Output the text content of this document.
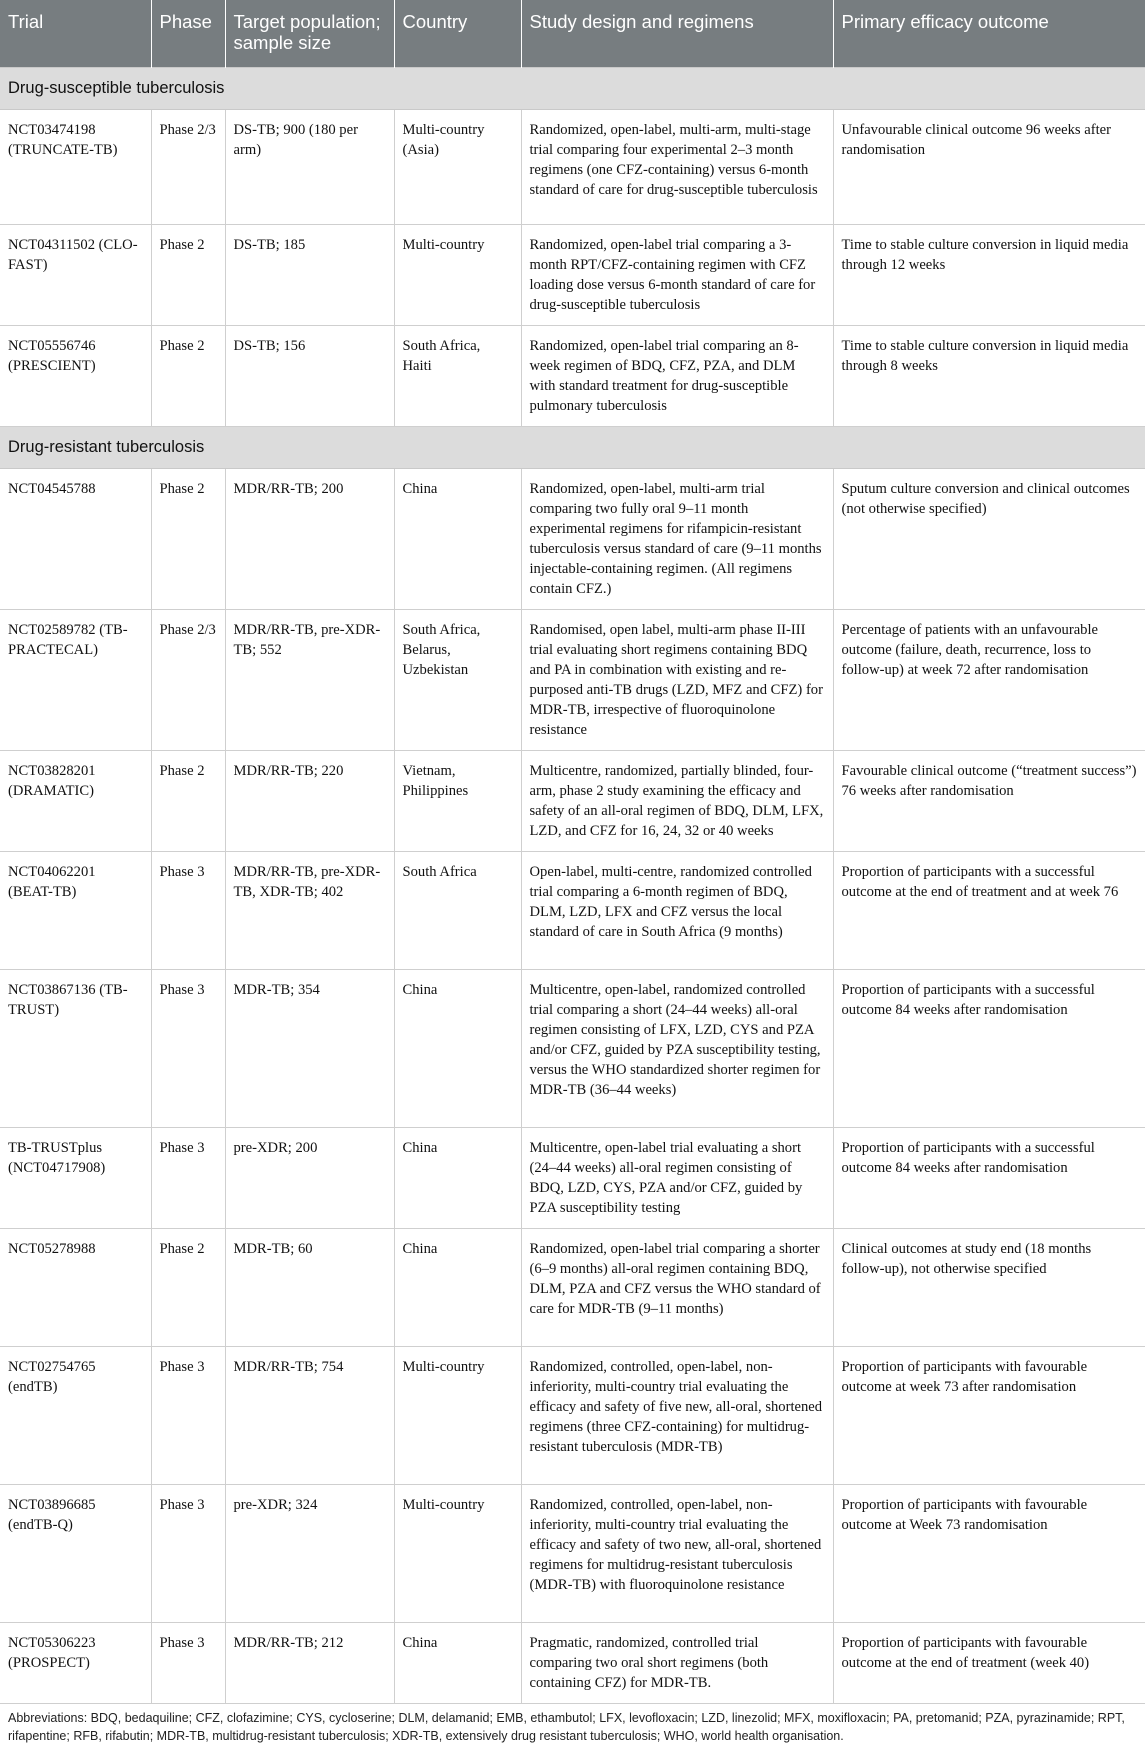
Trial	Phase	Target population; sample size	Country	Study design and regimens	Primary efficacy outcome
Drug-susceptible tuberculosis					
NCT03474198 (TRUNCATE-TB)	Phase 2/3	DS-TB; 900 (180 per arm)	Multi-country (Asia)	Randomized, open-label, multi-arm, multi-stage trial comparing four experimental 2–3 month regimens (one CFZ-containing) versus 6-month standard of care for drug-susceptible tuberculosis	Unfavourable clinical outcome 96 weeks after randomisation
NCT04311502 (CLO-FAST)	Phase 2	DS-TB; 185	Multi-country	Randomized, open-label trial comparing a 3-month RPT/CFZ-containing regimen with CFZ loading dose versus 6-month standard of care for drug-susceptible tuberculosis	Time to stable culture conversion in liquid media through 12 weeks
NCT05556746 (PRESCIENT)	Phase 2	DS-TB; 156	South Africa, Haiti	Randomized, open-label trial comparing an 8-week regimen of BDQ, CFZ, PZA, and DLM with standard treatment for drug-susceptible pulmonary tuberculosis	Time to stable culture conversion in liquid media through 8 weeks
Drug-resistant tuberculosis					
NCT04545788	Phase 2	MDR/RR-TB; 200	China	Randomized, open-label, multi-arm trial comparing two fully oral 9–11 month experimental regimens for rifampicin-resistant tuberculosis versus standard of care (9–11 months injectable-containing regimen. (All regimens contain CFZ.)	Sputum culture conversion and clinical outcomes (not otherwise specified)
NCT02589782 (TB-PRACTECAL)	Phase 2/3	MDR/RR-TB, pre-XDR-TB; 552	South Africa, Belarus, Uzbekistan	Randomised, open label, multi-arm phase II-III trial evaluating short regimens containing BDQ and PA in combination with existing and re-purposed anti-TB drugs (LZD, MFZ and CFZ) for MDR-TB, irrespective of fluoroquinolone resistance	Percentage of patients with an unfavourable outcome (failure, death, recurrence, loss to follow-up) at week 72 after randomisation
NCT03828201 (DRAMATIC)	Phase 2	MDR/RR-TB; 220	Vietnam, Philippines	Multicentre, randomized, partially blinded, four-arm, phase 2 study examining the efficacy and safety of an all-oral regimen of BDQ, DLM, LFX, LZD, and CFZ for 16, 24, 32 or 40 weeks	Favourable clinical outcome (“treatment success”) 76 weeks after randomisation
NCT04062201 (BEAT-TB)	Phase 3	MDR/RR-TB, pre-XDR-TB, XDR-TB; 402	South Africa	Open-label, multi-centre, randomized controlled trial comparing a 6-month regimen of BDQ, DLM, LZD, LFX and CFZ versus the local standard of care in South Africa (9 months)	Proportion of participants with a successful outcome at the end of treatment and at week 76
NCT03867136 (TB-TRUST)	Phase 3	MDR-TB; 354	China	Multicentre, open-label, randomized controlled trial comparing a short (24–44 weeks) all-oral regimen consisting of LFX, LZD, CYS and PZA and/or CFZ, guided by PZA susceptibility testing, versus the WHO standardized shorter regimen for MDR-TB (36–44 weeks)	Proportion of participants with a successful outcome 84 weeks after randomisation
TB-TRUSTplus (NCT04717908)	Phase 3	pre-XDR; 200	China	Multicentre, open-label trial evaluating a short (24–44 weeks) all-oral regimen consisting of BDQ, LZD, CYS, PZA and/or CFZ, guided by PZA susceptibility testing	Proportion of participants with a successful outcome 84 weeks after randomisation
NCT05278988	Phase 2	MDR-TB; 60	China	Randomized, open-label trial comparing a shorter (6–9 months) all-oral regimen containing BDQ, DLM, PZA and CFZ versus the WHO standard of care for MDR-TB (9–11 months)	Clinical outcomes at study end (18 months follow-up), not otherwise specified
NCT02754765 (endTB)	Phase 3	MDR/RR-TB; 754	Multi-country	Randomized, controlled, open-label, non-inferiority, multi-country trial evaluating the efficacy and safety of five new, all-oral, shortened regimens (three CFZ-containing) for multidrug-resistant tuberculosis (MDR-TB)	Proportion of participants with favourable outcome at week 73 after randomisation
NCT03896685 (endTB-Q)	Phase 3	pre-XDR; 324	Multi-country	Randomized, controlled, open-label, non-inferiority, multi-country trial evaluating the efficacy and safety of two new, all-oral, shortened regimens for multidrug-resistant tuberculosis (MDR-TB) with fluoroquinolone resistance	Proportion of participants with favourable outcome at Week 73 randomisation
NCT05306223 (PROSPECT)	Phase 3	MDR/RR-TB; 212	China	Pragmatic, randomized, controlled trial comparing two oral short regimens (both containing CFZ) for MDR-TB.	Proportion of participants with favourable outcome at the end of treatment (week 40)
Abbreviations: BDQ, bedaquiline; CFZ, clofazimine; CYS, cycloserine; DLM, delamanid; EMB, ethambutol; LFX, levofloxacin; LZD, linezolid; MFX, moxifloxacin; PA, pretomanid; PZA, pyrazinamide; RPT, rifapentine; RFB, rifabutin; MDR-TB, multidrug-resistant tuberculosis; XDR-TB, extensively drug resistant tuberculosis; WHO, world health organisation.
